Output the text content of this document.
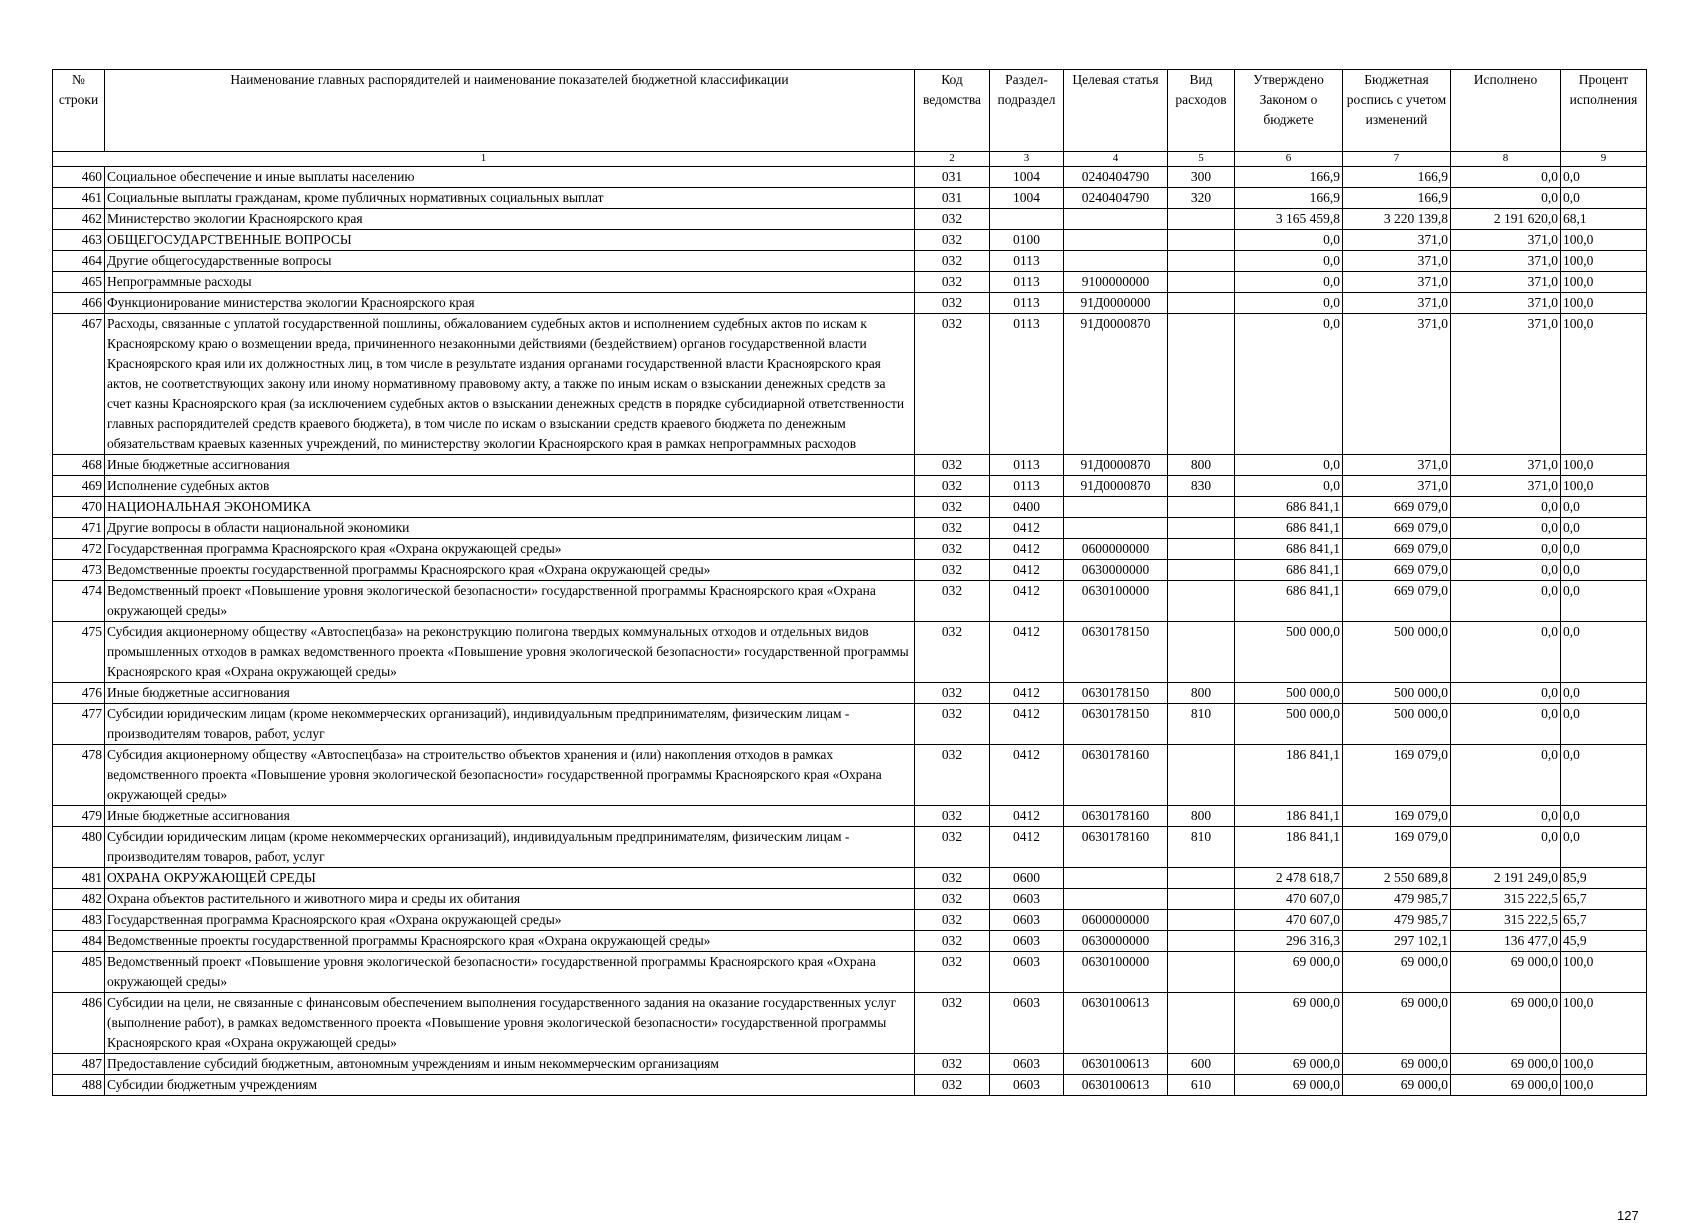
№ строки	Наименование главных распорядителей и наименование показателей бюджетной классификации	Код ведомства	Раздел-подраздел	Целевая статья	Вид расходов	Утверждено Законом о бюджете	Бюджетная роспись с учетом изменений	Исполнено	Процент исполнения
1		2	3	4	5	6	7	8	9
460	Социальное обеспечение и иные выплаты населению	031	1004	0240404790	300	166,9	166,9	0,0	0,0
461	Социальные выплаты гражданам, кроме публичных нормативных социальных выплат	031	1004	0240404790	320	166,9	166,9	0,0	0,0
462	Министерство экологии Красноярского края	032				3 165 459,8	3 220 139,8	2 191 620,0	68,1
463	ОБЩЕГОСУДАРСТВЕННЫЕ ВОПРОСЫ	032	0100			0,0	371,0	371,0	100,0
464	Другие общегосударственные вопросы	032	0113			0,0	371,0	371,0	100,0
465	Непрограммные расходы	032	0113	9100000000		0,0	371,0	371,0	100,0
466	Функционирование министерства экологии Красноярского края	032	0113	91Д0000000		0,0	371,0	371,0	100,0
467	Расходы, связанные с уплатой государственной пошлины, обжалованием судебных актов и исполнением судебных актов по искам к Красноярскому краю о возмещении вреда, причиненного незаконными действиями (бездействием) органов государственной власти Красноярского края или их должностных лиц, в том числе в результате издания органами государственной власти Красноярского края актов, не соответствующих закону или иному нормативному правовому акту, а также по иным искам о взыскании денежных средств за счет казны Красноярского края (за исключением судебных актов о взыскании денежных средств в порядке субсидиарной ответственности главных распорядителей средств краевого бюджета), в том числе по искам о взыскании средств краевого бюджета по денежным обязательствам краевых казенных учреждений, по министерству экологии Красноярского края в рамках непрограммных расходов	032	0113	91Д0000870		0,0	371,0	371,0	100,0
468	Иные бюджетные ассигнования	032	0113	91Д0000870	800	0,0	371,0	371,0	100,0
469	Исполнение судебных актов	032	0113	91Д0000870	830	0,0	371,0	371,0	100,0
470	НАЦИОНАЛЬНАЯ ЭКОНОМИКА	032	0400			686 841,1	669 079,0	0,0	0,0
471	Другие вопросы в области национальной экономики	032	0412			686 841,1	669 079,0	0,0	0,0
472	Государственная программа Красноярского края «Охрана окружающей среды»	032	0412	0600000000		686 841,1	669 079,0	0,0	0,0
473	Ведомственные проекты государственной программы Красноярского края «Охрана окружающей среды»	032	0412	0630000000		686 841,1	669 079,0	0,0	0,0
474	Ведомственный проект «Повышение уровня экологической безопасности» государственной программы Красноярского края «Охрана окружающей среды»	032	0412	0630100000		686 841,1	669 079,0	0,0	0,0
475	Субсидия акционерному обществу «Автоспецбаза» на реконструкцию полигона твердых коммунальных отходов и отдельных видов промышленных отходов в рамках ведомственного проекта «Повышение уровня экологической безопасности» государственной программы Красноярского края «Охрана окружающей среды»	032	0412	0630178150		500 000,0	500 000,0	0,0	0,0
476	Иные бюджетные ассигнования	032	0412	0630178150	800	500 000,0	500 000,0	0,0	0,0
477	Субсидии юридическим лицам (кроме некоммерческих организаций), индивидуальным предпринимателям, физическим лицам - производителям товаров, работ, услуг	032	0412	0630178150	810	500 000,0	500 000,0	0,0	0,0
478	Субсидия акционерному обществу «Автоспецбаза» на строительство объектов хранения и (или) накопления отходов в рамках ведомственного проекта «Повышение уровня экологической безопасности» государственной программы Красноярского края «Охрана окружающей среды»	032	0412	0630178160		186 841,1	169 079,0	0,0	0,0
479	Иные бюджетные ассигнования	032	0412	0630178160	800	186 841,1	169 079,0	0,0	0,0
480	Субсидии юридическим лицам (кроме некоммерческих организаций), индивидуальным предпринимателям, физическим лицам - производителям товаров, работ, услуг	032	0412	0630178160	810	186 841,1	169 079,0	0,0	0,0
481	ОХРАНА ОКРУЖАЮЩЕЙ СРЕДЫ	032	0600			2 478 618,7	2 550 689,8	2 191 249,0	85,9
482	Охрана объектов растительного и животного мира и среды их обитания	032	0603			470 607,0	479 985,7	315 222,5	65,7
483	Государственная программа Красноярского края «Охрана окружающей среды»	032	0603	0600000000		470 607,0	479 985,7	315 222,5	65,7
484	Ведомственные проекты государственной программы Красноярского края «Охрана окружающей среды»	032	0603	0630000000		296 316,3	297 102,1	136 477,0	45,9
485	Ведомственный проект «Повышение уровня экологической безопасности» государственной программы Красноярского края «Охрана окружающей среды»	032	0603	0630100000		69 000,0	69 000,0	69 000,0	100,0
486	Субсидии на цели, не связанные с финансовым обеспечением выполнения государственного задания на оказание государственных услуг (выполнение работ), в рамках ведомственного проекта «Повышение уровня экологической безопасности» государственной программы Красноярского края «Охрана окружающей среды»	032	0603	0630100613		69 000,0	69 000,0	69 000,0	100,0
487	Предоставление субсидий бюджетным, автономным учреждениям и иным некоммерческим организациям	032	0603	0630100613	600	69 000,0	69 000,0	69 000,0	100,0
488	Субсидии бюджетным учреждениям	032	0603	0630100613	610	69 000,0	69 000,0	69 000,0	100,0
127
